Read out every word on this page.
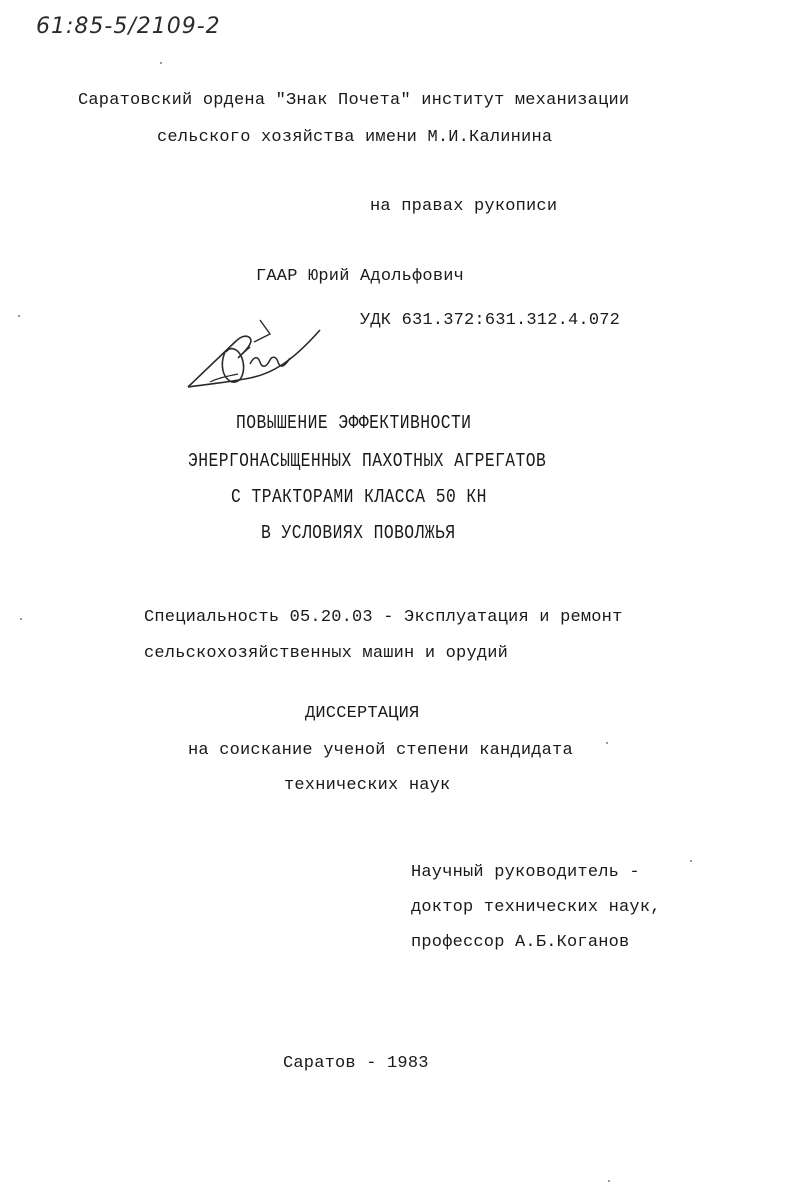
61:85-5/2109-2
Саратовский ордена "Знак Почета" институт механизации
сельского хозяйства имени М.И.Калинина
на правах рукописи
ГААР Юрий Адольфович
УДК 631.372:631.312.4.072
ПОВЫШЕНИЕ ЭФФЕКТИВНОСТИ
ЭНЕРГОНАСЫЩЕННЫХ ПАХОТНЫХ АГРЕГАТОВ
С ТРАКТОРАМИ КЛАССА 50 КН
В УСЛОВИЯХ ПОВОЛЖЬЯ
Специальность 05.20.03 - Эксплуатация и ремонт
сельскохозяйственных машин и орудий
ДИССЕРТАЦИЯ
на соискание ученой степени кандидата
технических наук
Научный руководитель -
доктор технических наук,
профессор А.Б.Коганов
Саратов - 1983
